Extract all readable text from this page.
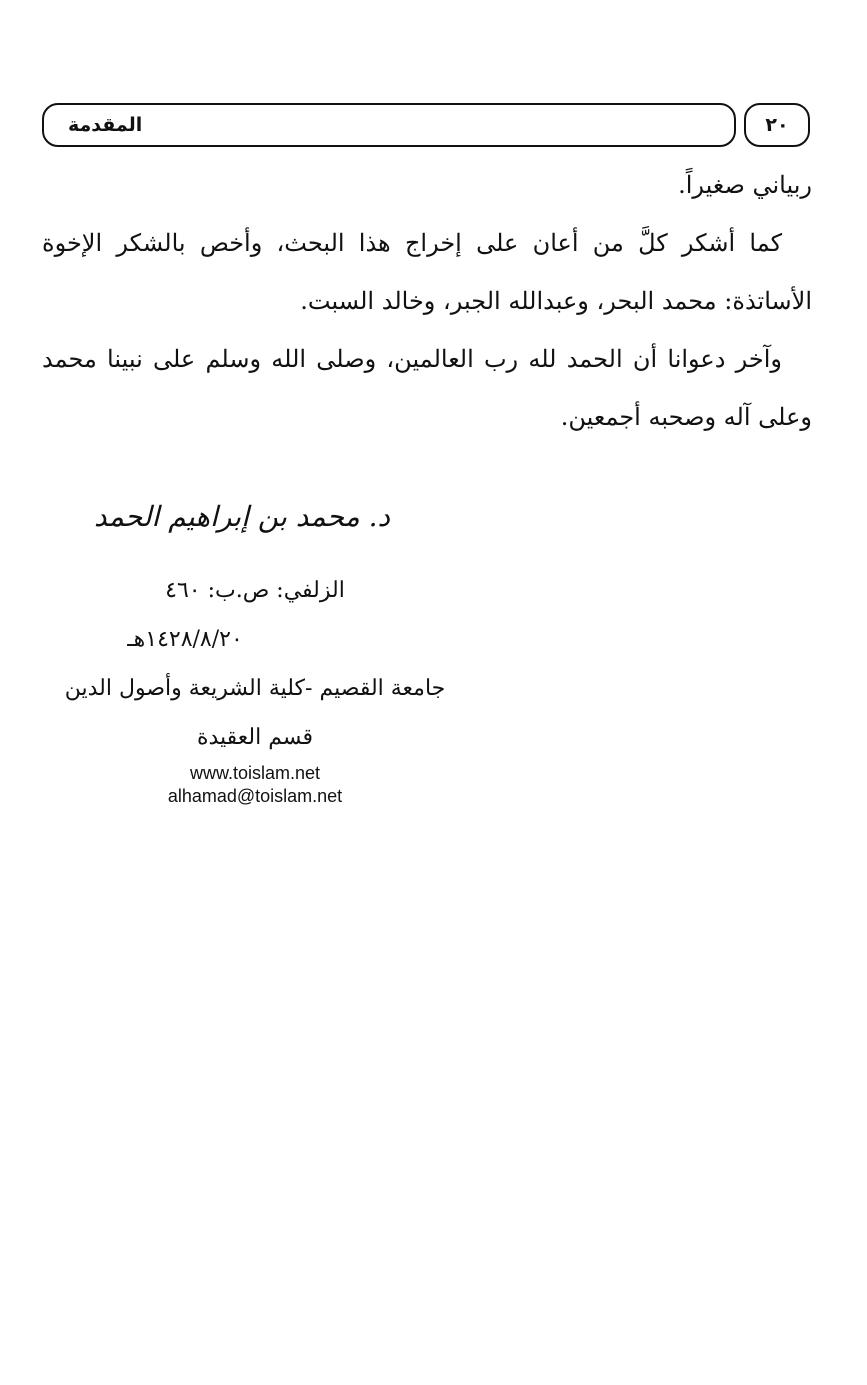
المقدمة	٢٠
ربياني صغيراً.
كما أشكر كلَّ من أعان على إخراج هذا البحث، وأخص بالشكر الإخوة
الأساتذة: محمد البحر، وعبدالله الجبر، وخالد السبت.
وآخر دعوانا أن الحمد لله رب العالمين، وصلى الله وسلم على نبينا محمد
وعلى آله وصحبه أجمعين.
د. محمد بن إبراهيم الحمد
الزلفي: ص.ب: ٤٦٠
١٤٢٨/٨/٢٠هـ
جامعة القصيم -كلية الشريعة وأصول الدين
قسم العقيدة
www.toislam.net
alhamad@toislam.net
